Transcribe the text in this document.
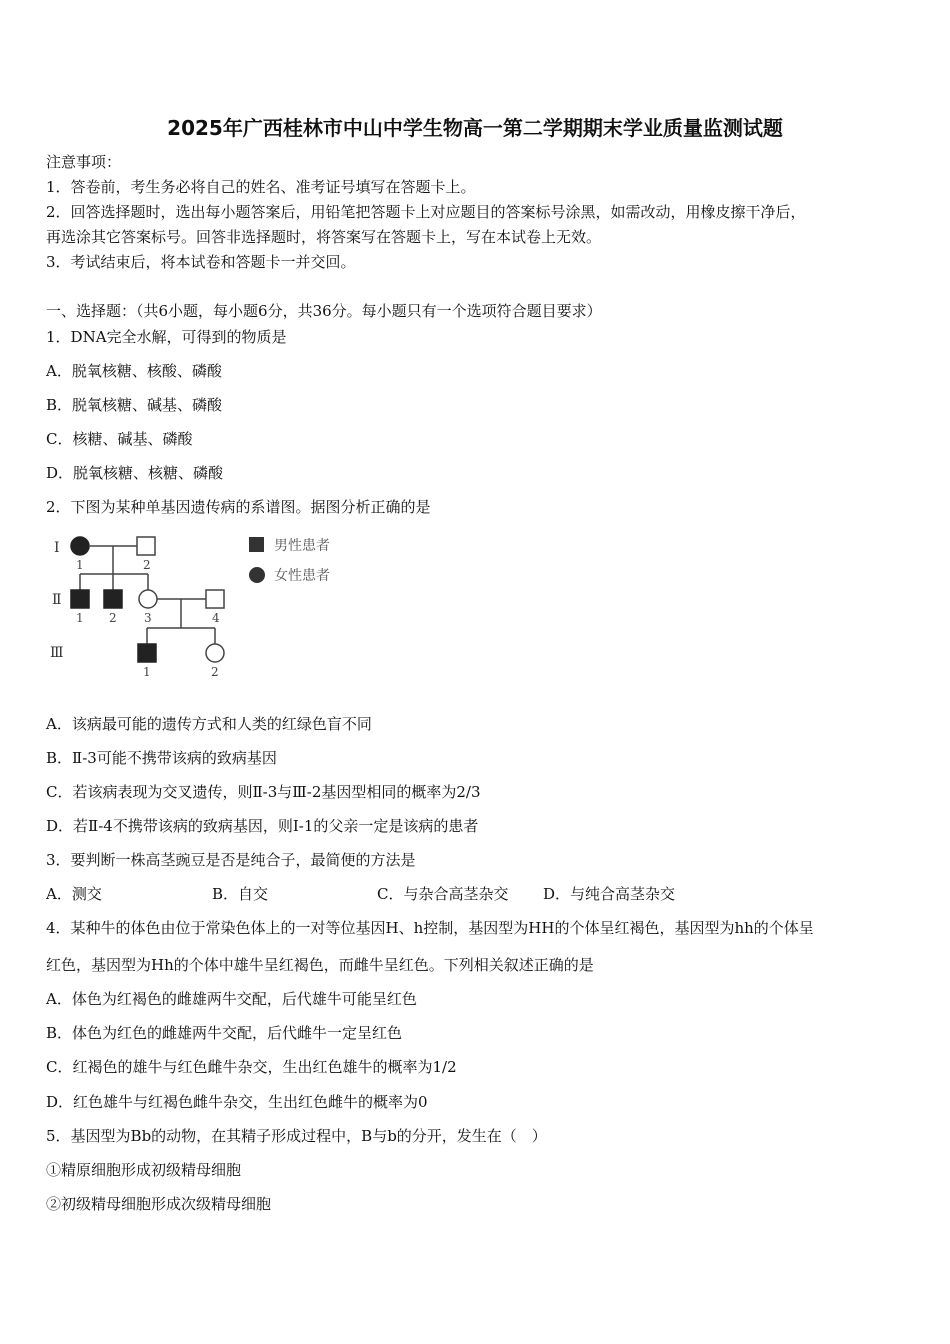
2025年广西桂林市中山中学生物高一第二学期期末学业质量监测试题
注意事项：
1．答卷前，考生务必将自己的姓名、准考证号填写在答题卡上。
2．回答选择题时，选出每小题答案后，用铅笔把答题卡上对应题目的答案标号涂黑，如需改动，用橡皮擦干净后，
再选涂其它答案标号。回答非选择题时，将答案写在答题卡上，写在本试卷上无效。
3．考试结束后，将本试卷和答题卡一并交回。
一、选择题：（共6小题，每小题6分，共36分。每小题只有一个选项符合题目要求）
1．DNA完全水解，可得到的物质是
A．脱氧核糖、核酸、磷酸
B．脱氧核糖、碱基、磷酸
C．核糖、碱基、磷酸
D．脱氧核糖、核糖、磷酸
2．下图为某种单基因遗传病的系谱图。据图分析正确的是
Ⅰ
Ⅱ
Ⅲ
1	2
1 2 3	4
1	2
男性患者
女性患者
A．该病最可能的遗传方式和人类的红绿色盲不同
B．Ⅱ-3可能不携带该病的致病基因
C．若该病表现为交叉遗传，则Ⅱ-3与Ⅲ-2基因型相同的概率为2/3
D．若Ⅱ-4不携带该病的致病基因，则Ⅰ-1的父亲一定是该病的患者
3．要判断一株高茎豌豆是否是纯合子，最简便的方法是
A．测交	B．自交	C．与杂合高茎杂交 D．与纯合高茎杂交
4．某种牛的体色由位于常染色体上的一对等位基因H、h控制，基因型为HH的个体呈红褐色，基因型为hh的个体呈
红色，基因型为Hh的个体中雄牛呈红褐色，而雌牛呈红色。下列相关叙述正确的是
A．体色为红褐色的雌雄两牛交配，后代雄牛可能呈红色
B．体色为红色的雌雄两牛交配，后代雌牛一定呈红色
C．红褐色的雄牛与红色雌牛杂交，生出红色雄牛的概率为1/2
D．红色雄牛与红褐色雌牛杂交，生出红色雌牛的概率为0
5．基因型为Bb的动物，在其精子形成过程中，B与b的分开，发生在（　）
①精原细胞形成初级精母细胞
②初级精母细胞形成次级精母细胞
